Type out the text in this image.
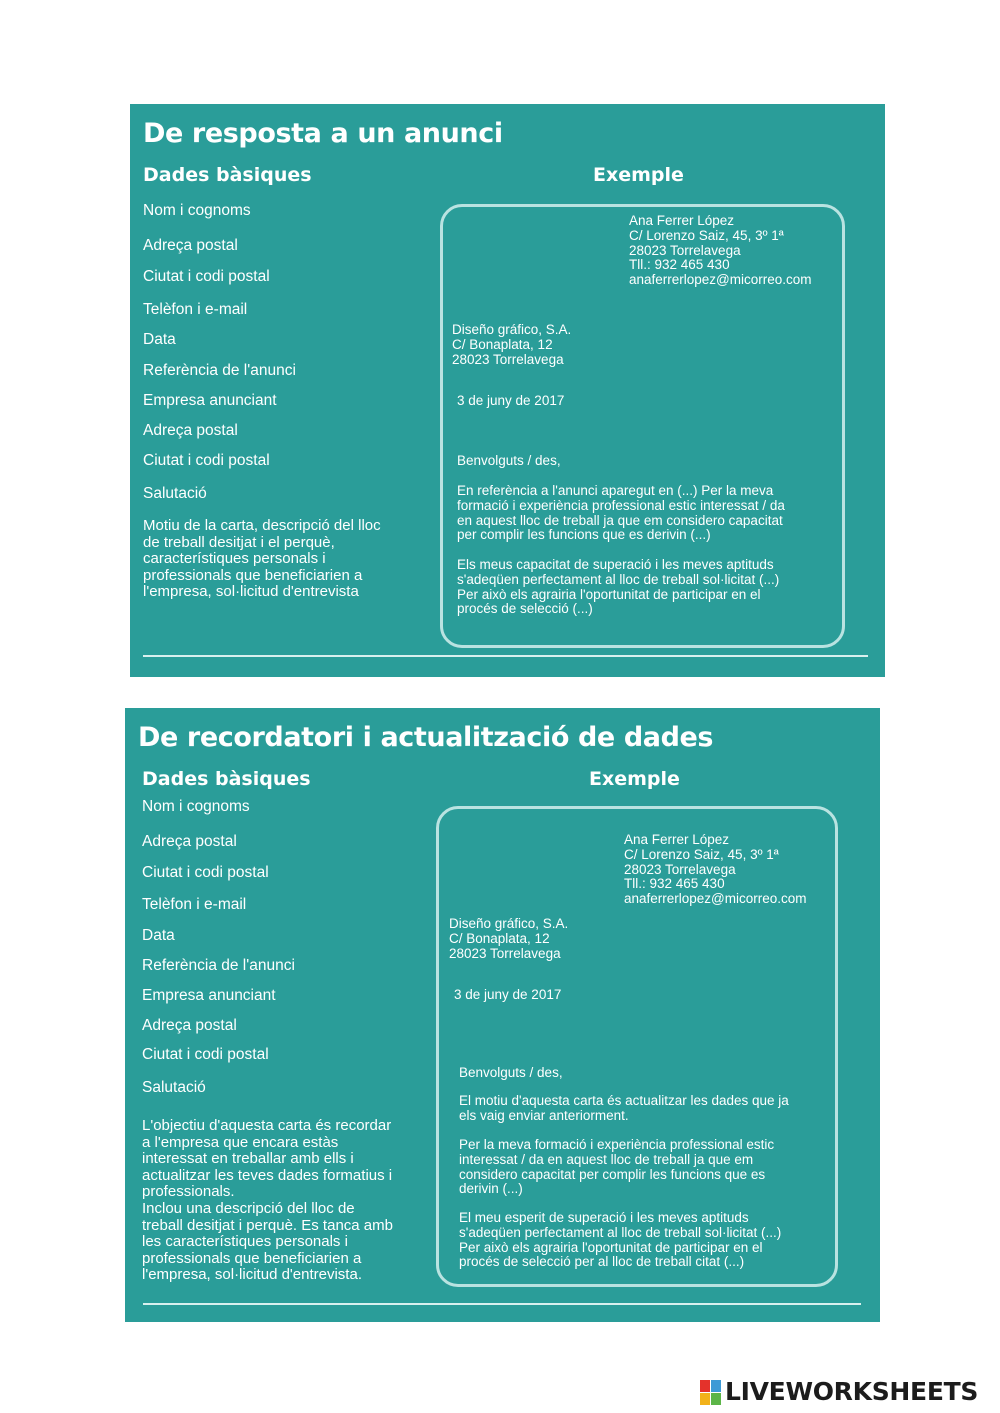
De resposta a un anunci
Dades bàsiques	Exemple
Nom i cognoms
Adreça postal
Ciutat i codi postal
Telèfon i e-mail
Data
Referència de l'anunci
Empresa anunciant
Adreça postal
Ciutat i codi postal
Salutació
Motiu de la carta, descripció del lloc
de treball desitjat i el perquè,
característiques personals i
professionals que beneficiarien a
l'empresa, sol·licitud d'entrevista
Ana Ferrer López
C/ Lorenzo Saiz, 45, 3º 1ª
28023 Torrelavega
Tll.: 932 465 430
anaferrerlopez@micorreo.com
Diseño gráfico, S.A.
C/ Bonaplata, 12
28023 Torrelavega
3 de juny de 2017
Benvolguts / des,
En referència a l'anunci aparegut en (...) Per la meva
formació i experiència professional estic interessat / da
en aquest lloc de treball ja que em considero capacitat
per complir les funcions que es derivin (...)
Els meus capacitat de superació i les meves aptituds
s'adeqüen perfectament al lloc de treball sol·licitat (...)
Per això els agrairia l'oportunitat de participar en el
procés de selecció (...)
De recordatori i actualització de dades
Dades bàsiques	Exemple
Nom i cognoms
Adreça postal
Ciutat i codi postal
Telèfon i e-mail
Data
Referència de l'anunci
Empresa anunciant
Adreça postal
Ciutat i codi postal
Salutació
L'objectiu d'aquesta carta és recordar
a l'empresa que encara estàs
interessat en treballar amb ells i
actualitzar les teves dades formatius i
professionals.
Inclou una descripció del lloc de
treball desitjat i perquè. Es tanca amb
les característiques personals i
professionals que beneficiarien a
l'empresa, sol·licitud d'entrevista.
Ana Ferrer López
C/ Lorenzo Saiz, 45, 3º 1ª
28023 Torrelavega
Tll.: 932 465 430
anaferrerlopez@micorreo.com
Diseño gráfico, S.A.
C/ Bonaplata, 12
28023 Torrelavega
3 de juny de 2017
Benvolguts / des,
El motiu d'aquesta carta és actualitzar les dades que ja
els vaig enviar anteriorment.
Per la meva formació i experiència professional estic
interessat / da en aquest lloc de treball ja que em
considero capacitat per complir les funcions que es
derivin (...)
El meu esperit de superació i les meves aptituds
s'adeqüen perfectament al lloc de treball sol·licitat (...)
Per això els agrairia l'oportunitat de participar en el
procés de selecció per al lloc de treball citat (...)
LIVEWORKSHEETS
